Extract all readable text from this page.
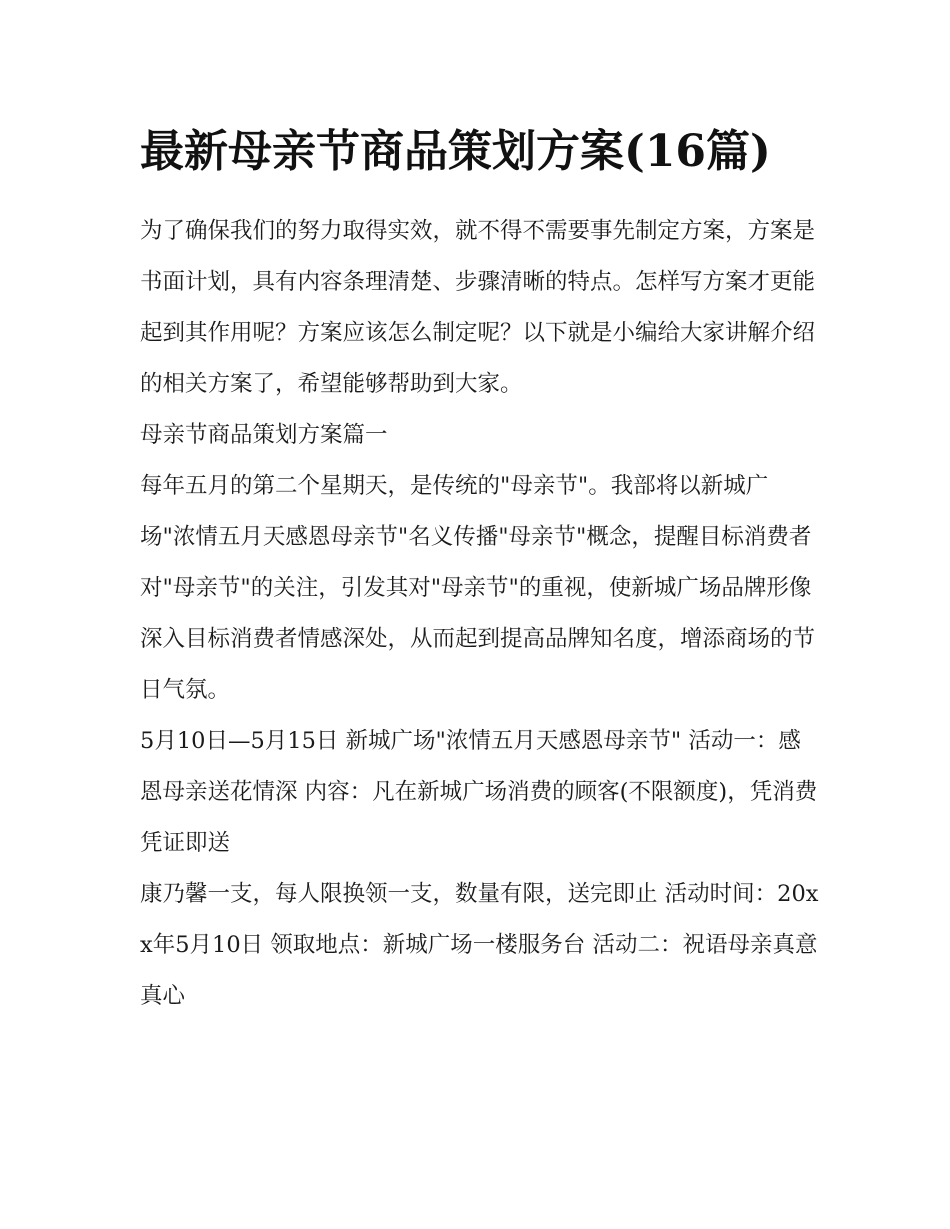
最新母亲节商品策划方案(16篇)

为了确保我们的努力取得实效，就不得不需要事先制定方案，方案是书面计划，具有内容条理清楚、步骤清晰的特点。怎样写方案才更能起到其作用呢？方案应该怎么制定呢？以下就是小编给大家讲解介绍的相关方案了，希望能够帮助到大家。

母亲节商品策划方案篇一

每年五月的第二个星期天，是传统的"母亲节"。我部将以新城广场"浓情五月天感恩母亲节"名义传播"母亲节"概念，提醒目标消费者对"母亲节"的关注，引发其对"母亲节"的重视，使新城广场品牌形像深入目标消费者情感深处，从而起到提高品牌知名度，增添商场的节日气氛。

5月10日—5月15日 新城广场"浓情五月天感恩母亲节" 活动一：感恩母亲送花情深 内容：凡在新城广场消费的顾客(不限额度)，凭消费凭证即送

康乃馨一支，每人限换领一支，数量有限，送完即止 活动时间：20xx年5月10日 领取地点：新城广场一楼服务台 活动二：祝语母亲真意真心
